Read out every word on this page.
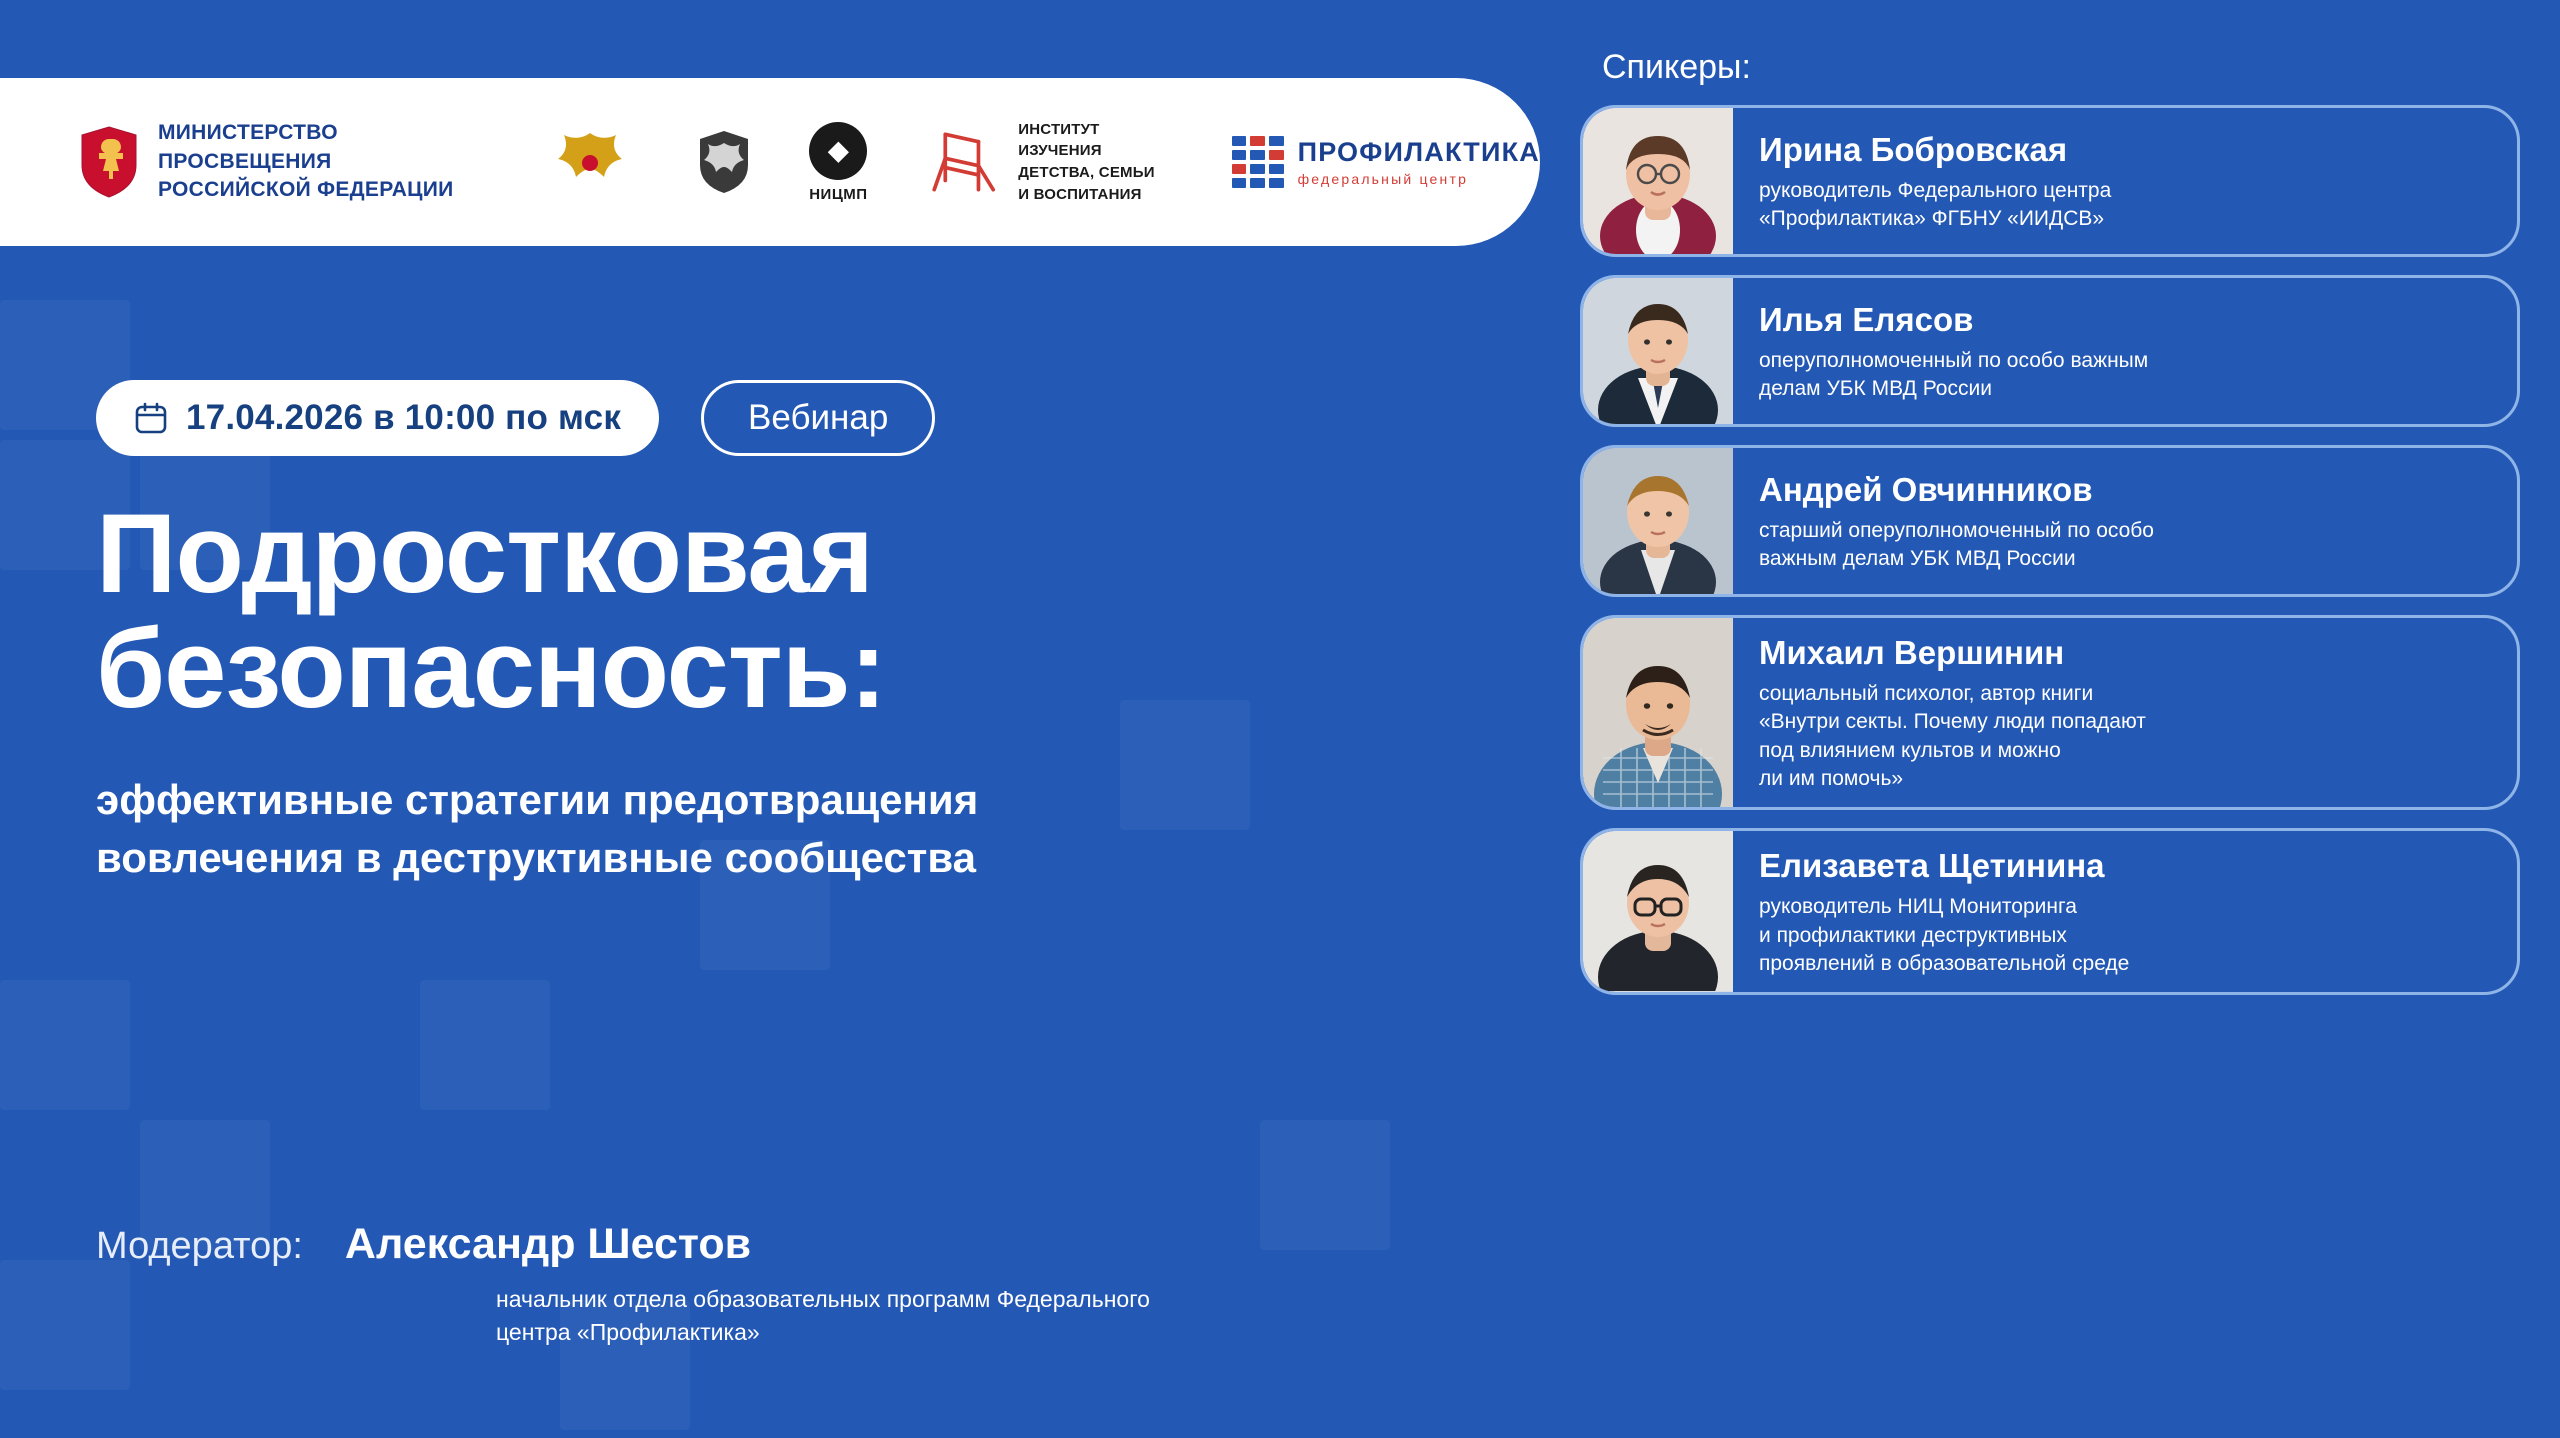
МИНИСТЕРСТВО ПРОСВЕЩЕНИЯ
РОССИЙСКОЙ ФЕДЕРАЦИИ
◆
НИЦМП
ИНСТИТУТ ИЗУЧЕНИЯ
ДЕТСТВА, СЕМЬИ
И ВОСПИТАНИЯ
ПРОФИЛАКТИКА
федеральный центр
17.04.2026 в 10:00 по мск	Вебинар
Подростковая
безопасность:
эффективные стратегии предотвращения
вовлечения в деструктивные сообщества
Модератор: Александр Шестов
начальник отдела образовательных программ Федерального
центра «Профилактика»
Спикеры:
Ирина Бобровская
руководитель Федерального центра
«Профилактика» ФГБНУ «ИИДСВ»
Илья Елясов
оперуполномоченный по особо важным
делам УБК МВД России
Андрей Овчинников
старший оперуполномоченный по особо
важным делам УБК МВД России
Михаил Вершинин
социальный психолог, автор книги
«Внутри секты. Почему люди попадают
под влиянием культов и можно
ли им помочь»
Елизавета Щетинина
руководитель НИЦ Мониторинга
и профилактики деструктивных
проявлений в образовательной среде
